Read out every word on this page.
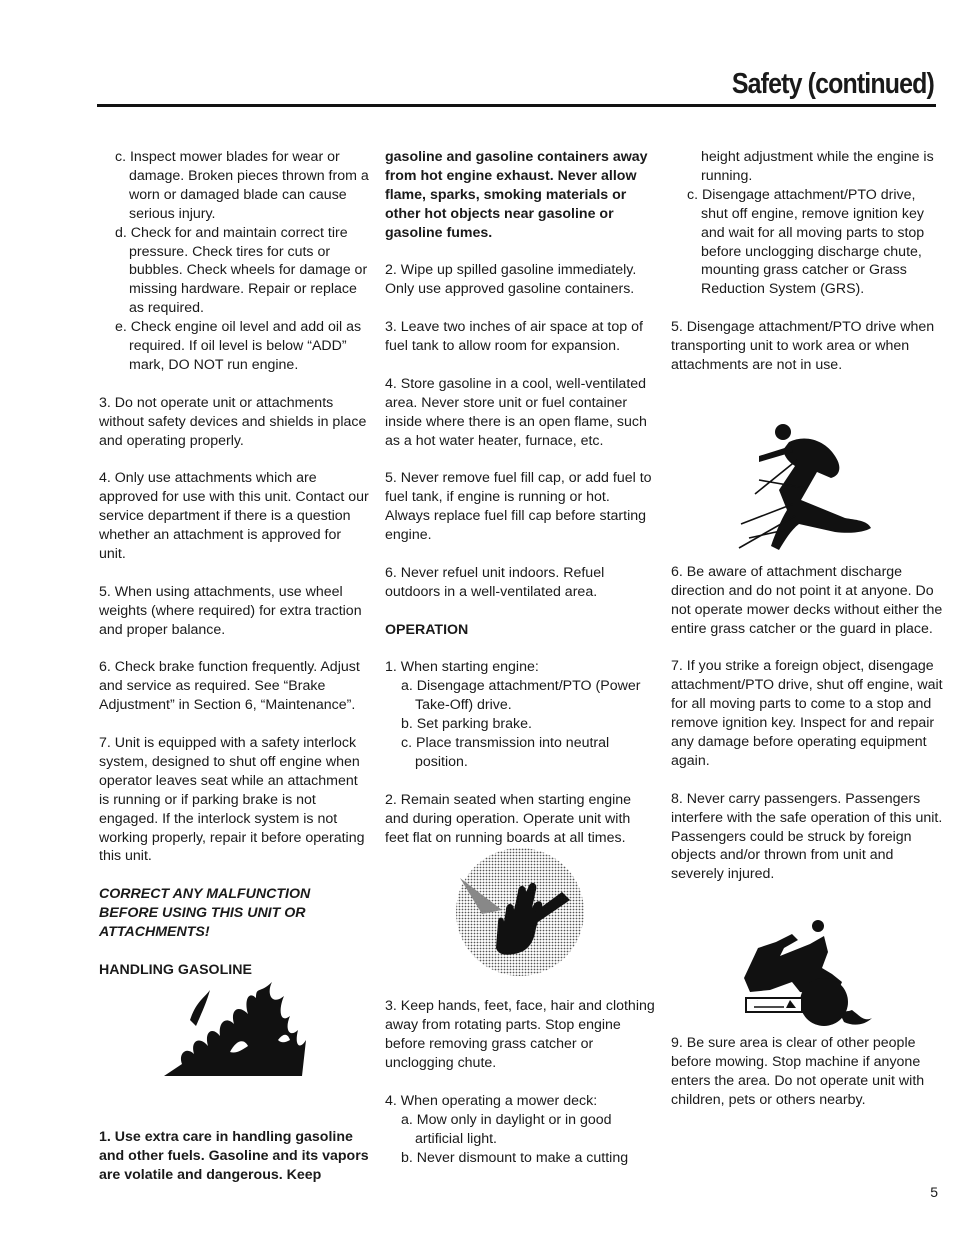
Safety (continued)

c. Inspect mower blades for wear or damage. Broken pieces thrown from a worn or damaged blade can cause serious injury.

d. Check for and maintain correct tire pressure. Check tires for cuts or bubbles. Check wheels for damage or missing hardware. Repair or replace as required.

e. Check engine oil level and add oil as required. If oil level is below “ADD” mark, DO NOT run engine.

3. Do not operate unit or attachments without safety devices and shields in place and operating properly.

4. Only use attachments which are approved for use with this unit. Contact our service department if there is a question whether an attachment is approved for unit.

5. When using attachments, use wheel weights (where required) for extra traction and proper balance.

6. Check brake function frequently. Adjust and service as required. See “Brake Adjustment” in Section 6, “Maintenance”.

7. Unit is equipped with a safety interlock system, designed to shut off engine when operator leaves seat while an attachment is running or if parking brake is not engaged. If the interlock system is not working properly, repair it before operating this unit.

CORRECT ANY MALFUNCTION BEFORE USING THIS UNIT OR ATTACHMENTS!

HANDLING GASOLINE

1. Use extra care in handling gasoline and other fuels. Gasoline and its vapors are volatile and dangerous. Keep

gasoline and gasoline containers away from hot engine exhaust. Never allow flame, sparks, smoking materials or other hot objects near gasoline or gasoline fumes.

2. Wipe up spilled gasoline immediately. Only use approved gasoline containers.

3. Leave two inches of air space at top of fuel tank to allow room for expansion.

4. Store gasoline in a cool, well-ventilated area. Never store unit or fuel container inside where there is an open flame, such as a hot water heater, furnace, etc.

5. Never remove fuel fill cap, or add fuel to fuel tank, if engine is running or hot. Always replace fuel fill cap before starting engine.

6. Never refuel unit indoors. Refuel outdoors in a well-ventilated area.

OPERATION

1. When starting engine:

a. Disengage attachment/PTO (Power Take-Off) drive.

b. Set parking brake.

c. Place transmission into neutral position.

2. Remain seated when starting engine and during operation. Operate unit with feet flat on running boards at all times.

3. Keep hands, feet, face, hair and clothing away from rotating parts. Stop engine before removing grass catcher or unclogging chute.

4. When operating a mower deck:

a. Mow only in daylight or in good artificial light.

b. Never dismount to make a cutting

height adjustment while the engine is running.

c. Disengage attachment/PTO drive, shut off engine, remove ignition key and wait for all moving parts to stop before unclogging discharge chute, mounting grass catcher or Grass Reduction System (GRS).

5. Disengage attachment/PTO drive when transporting unit to work area or when attachments are not in use.

6. Be aware of attachment discharge direction and do not point it at anyone. Do not operate mower decks without either the entire grass catcher or the guard in place.

7. If you strike a foreign object, disengage attachment/PTO drive, shut off engine, wait for all moving parts to come to a stop and remove ignition key. Inspect for and repair any damage before operating equipment again.

8. Never carry passengers. Passengers interfere with the safe operation of this unit. Passengers could be struck by foreign objects and/or thrown from unit and severely injured.

9. Be sure area is clear of other people before mowing. Stop machine if anyone enters the area. Do not operate unit with children, pets or others nearby.

5
